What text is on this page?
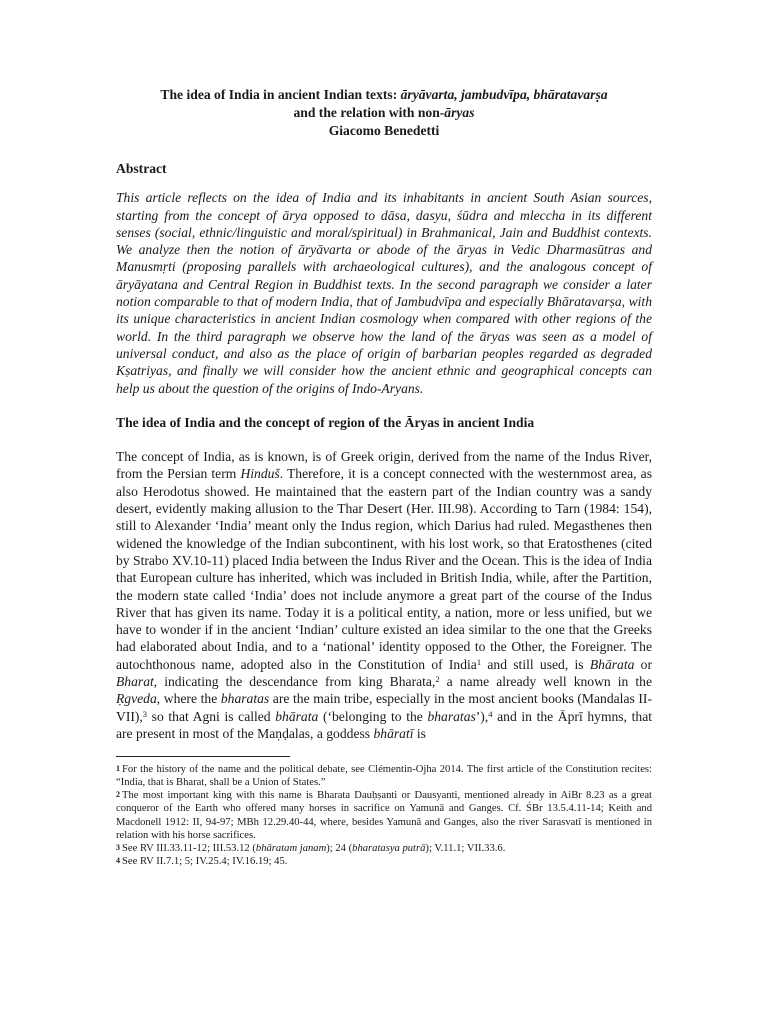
The idea of India in ancient Indian texts: āryāvarta, jambudvīpa, bhāratavarṣa
and the relation with non-āryas
Giacomo Benedetti
Abstract

This article reflects on the idea of India and its inhabitants in ancient South Asian sources, starting from the concept of ārya opposed to dāsa, dasyu, śūdra and mleccha in its different senses (social, ethnic/linguistic and moral/spiritual) in Brahmanical, Jain and Buddhist contexts. We analyze then the notion of āryāvarta or abode of the āryas in Vedic Dharmasūtras and Manusmṛti (proposing parallels with archaeological cultures), and the analogous concept of āryāyatana and Central Region in Buddhist texts. In the second paragraph we consider a later notion comparable to that of modern India, that of Jambudvīpa and especially Bhāratavarṣa, with its unique characteristics in ancient Indian cosmology when compared with other regions of the world. In the third paragraph we observe how the land of the āryas was seen as a model of universal conduct, and also as the place of origin of barbarian peoples regarded as degraded Kṣatriyas, and finally we will consider how the ancient ethnic and geographical concepts can help us about the question of the origins of Indo-Aryans.

The idea of India and the concept of region of the Āryas in ancient India

The concept of India, as is known, is of Greek origin, derived from the name of the Indus River, from the Persian term Hinduš. Therefore, it is a concept connected with the westernmost area, as also Herodotus showed. He maintained that the eastern part of the Indian country was a sandy desert, evidently making allusion to the Thar Desert (Her. III.98). According to Tarn (1984: 154), still to Alexander ‘India’ meant only the Indus region, which Darius had ruled. Megasthenes then widened the knowledge of the Indian subcontinent, with his lost work, so that Eratosthenes (cited by Strabo XV.10-11) placed India between the Indus River and the Ocean. This is the idea of India that European culture has inherited, which was included in British India, while, after the Partition, the modern state called ‘India’ does not include anymore a great part of the course of the Indus River that has given its name. Today it is a political entity, a nation, more or less unified, but we have to wonder if in the ancient ‘Indian’ culture existed an idea similar to the one that the Greeks had elaborated about India, and to a ‘national’ identity opposed to the Other, the Foreigner. The autochthonous name, adopted also in the Constitution of India$^1$ and still used, is Bhārata or Bharat, indicating the descendance from king Bharata,$^2$ a name already well known in the Ṛgveda, where the bharatas are the main tribe, especially in the most ancient books (Mandalas II-VII),$^3$ so that Agni is called bhārata (‘belonging to the bharatas’),$^4$ and in the Āprī hymns, that are present in most of the Maṇḍalas, a goddess bhāratī is

$^1$ For the history of the name and the political debate, see Clémentin-Ojha 2014. The first article of the Constitution recites: “India, that is Bharat, shall be a Union of States.”

$^2$ The most important king with this name is Bharata Dauḥṣanti or Dausyanti, mentioned already in AiBr 8.23 as a great conqueror of the Earth who offered many horses in sacrifice on Yamunā and Ganges. Cf. ŚBr 13.5.4.11-14; Keith and Macdonell 1912: II, 94-97; MBh 12.29.40-44, where, besides Yamunā and Ganges, also the river Sarasvatī is mentioned in relation with his horse sacrifices.

$^3$ See RV III.33.11-12; III.53.12 (bhāratam janam); 24 (bharatasya putrā); V.11.1; VII.33.6.

$^4$ See RV II.7.1; 5; IV.25.4; IV.16.19; 45.
